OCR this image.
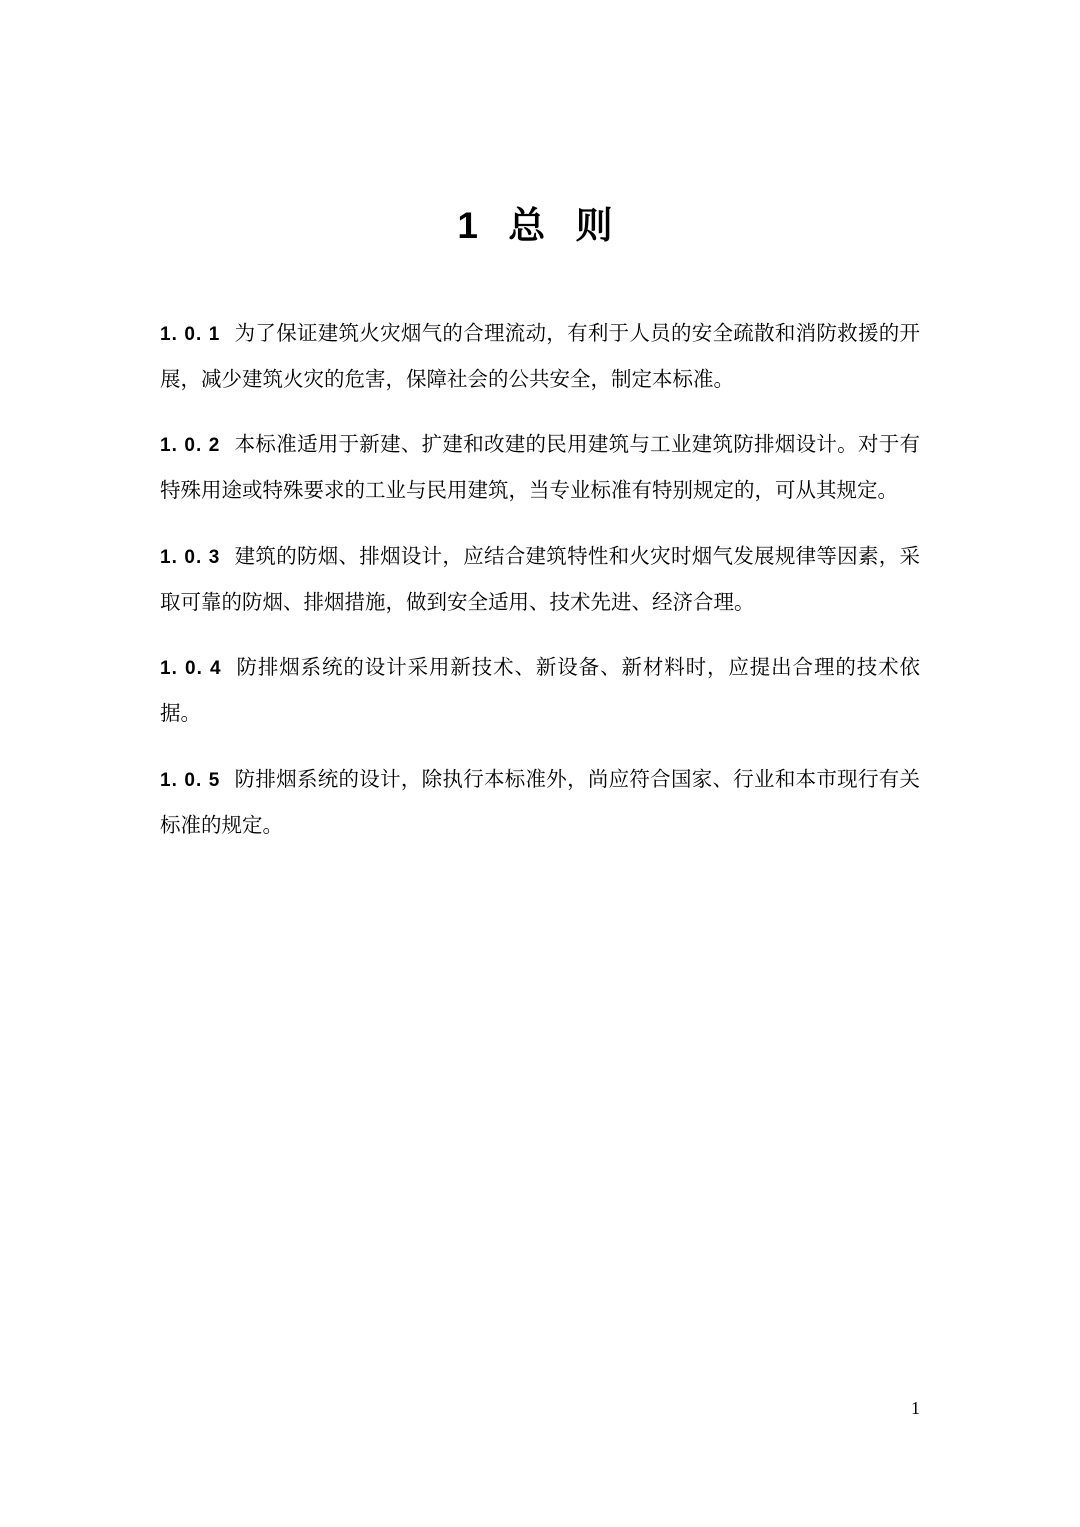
1 总 则

1. 0. 1 为了保证建筑火灾烟气的合理流动，有利于人员的安全疏散和消防救援的开展，减少建筑火灾的危害，保障社会的公共安全，制定本标准。

1. 0. 2 本标准适用于新建、扩建和改建的民用建筑与工业建筑防排烟设计。对于有特殊用途或特殊要求的工业与民用建筑，当专业标准有特别规定的，可从其规定。

1. 0. 3 建筑的防烟、排烟设计，应结合建筑特性和火灾时烟气发展规律等因素，采取可靠的防烟、排烟措施，做到安全适用、技术先进、经济合理。

1. 0. 4 防排烟系统的设计采用新技术、新设备、新材料时，应提出合理的技术依据。

1. 0. 5 防排烟系统的设计，除执行本标准外，尚应符合国家、行业和本市现行有关标准的规定。

1
